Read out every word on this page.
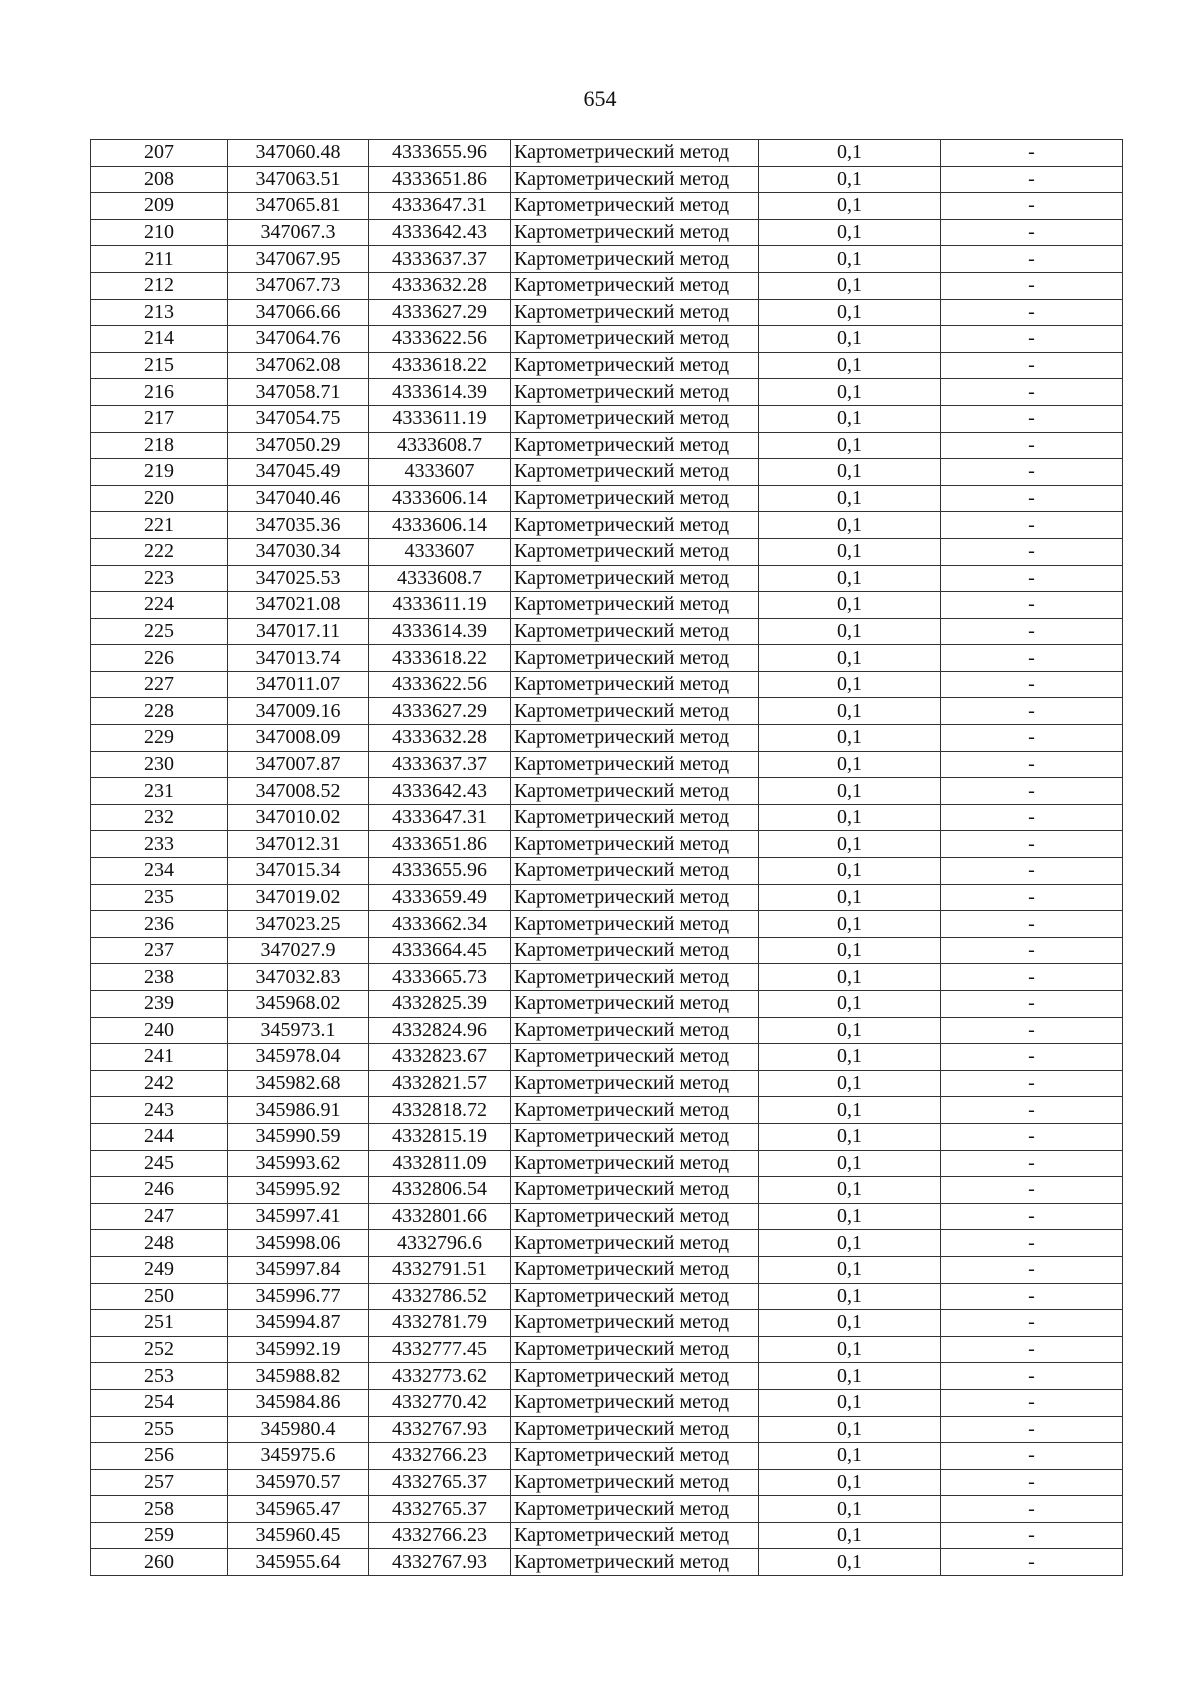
654
207	347060.48	4333655.96	Картометрический метод	0,1	-
208	347063.51	4333651.86	Картометрический метод	0,1	-
209	347065.81	4333647.31	Картометрический метод	0,1	-
210	347067.3	4333642.43	Картометрический метод	0,1	-
211	347067.95	4333637.37	Картометрический метод	0,1	-
212	347067.73	4333632.28	Картометрический метод	0,1	-
213	347066.66	4333627.29	Картометрический метод	0,1	-
214	347064.76	4333622.56	Картометрический метод	0,1	-
215	347062.08	4333618.22	Картометрический метод	0,1	-
216	347058.71	4333614.39	Картометрический метод	0,1	-
217	347054.75	4333611.19	Картометрический метод	0,1	-
218	347050.29	4333608.7	Картометрический метод	0,1	-
219	347045.49	4333607	Картометрический метод	0,1	-
220	347040.46	4333606.14	Картометрический метод	0,1	-
221	347035.36	4333606.14	Картометрический метод	0,1	-
222	347030.34	4333607	Картометрический метод	0,1	-
223	347025.53	4333608.7	Картометрический метод	0,1	-
224	347021.08	4333611.19	Картометрический метод	0,1	-
225	347017.11	4333614.39	Картометрический метод	0,1	-
226	347013.74	4333618.22	Картометрический метод	0,1	-
227	347011.07	4333622.56	Картометрический метод	0,1	-
228	347009.16	4333627.29	Картометрический метод	0,1	-
229	347008.09	4333632.28	Картометрический метод	0,1	-
230	347007.87	4333637.37	Картометрический метод	0,1	-
231	347008.52	4333642.43	Картометрический метод	0,1	-
232	347010.02	4333647.31	Картометрический метод	0,1	-
233	347012.31	4333651.86	Картометрический метод	0,1	-
234	347015.34	4333655.96	Картометрический метод	0,1	-
235	347019.02	4333659.49	Картометрический метод	0,1	-
236	347023.25	4333662.34	Картометрический метод	0,1	-
237	347027.9	4333664.45	Картометрический метод	0,1	-
238	347032.83	4333665.73	Картометрический метод	0,1	-
239	345968.02	4332825.39	Картометрический метод	0,1	-
240	345973.1	4332824.96	Картометрический метод	0,1	-
241	345978.04	4332823.67	Картометрический метод	0,1	-
242	345982.68	4332821.57	Картометрический метод	0,1	-
243	345986.91	4332818.72	Картометрический метод	0,1	-
244	345990.59	4332815.19	Картометрический метод	0,1	-
245	345993.62	4332811.09	Картометрический метод	0,1	-
246	345995.92	4332806.54	Картометрический метод	0,1	-
247	345997.41	4332801.66	Картометрический метод	0,1	-
248	345998.06	4332796.6	Картометрический метод	0,1	-
249	345997.84	4332791.51	Картометрический метод	0,1	-
250	345996.77	4332786.52	Картометрический метод	0,1	-
251	345994.87	4332781.79	Картометрический метод	0,1	-
252	345992.19	4332777.45	Картометрический метод	0,1	-
253	345988.82	4332773.62	Картометрический метод	0,1	-
254	345984.86	4332770.42	Картометрический метод	0,1	-
255	345980.4	4332767.93	Картометрический метод	0,1	-
256	345975.6	4332766.23	Картометрический метод	0,1	-
257	345970.57	4332765.37	Картометрический метод	0,1	-
258	345965.47	4332765.37	Картометрический метод	0,1	-
259	345960.45	4332766.23	Картометрический метод	0,1	-
260	345955.64	4332767.93	Картометрический метод	0,1	-
